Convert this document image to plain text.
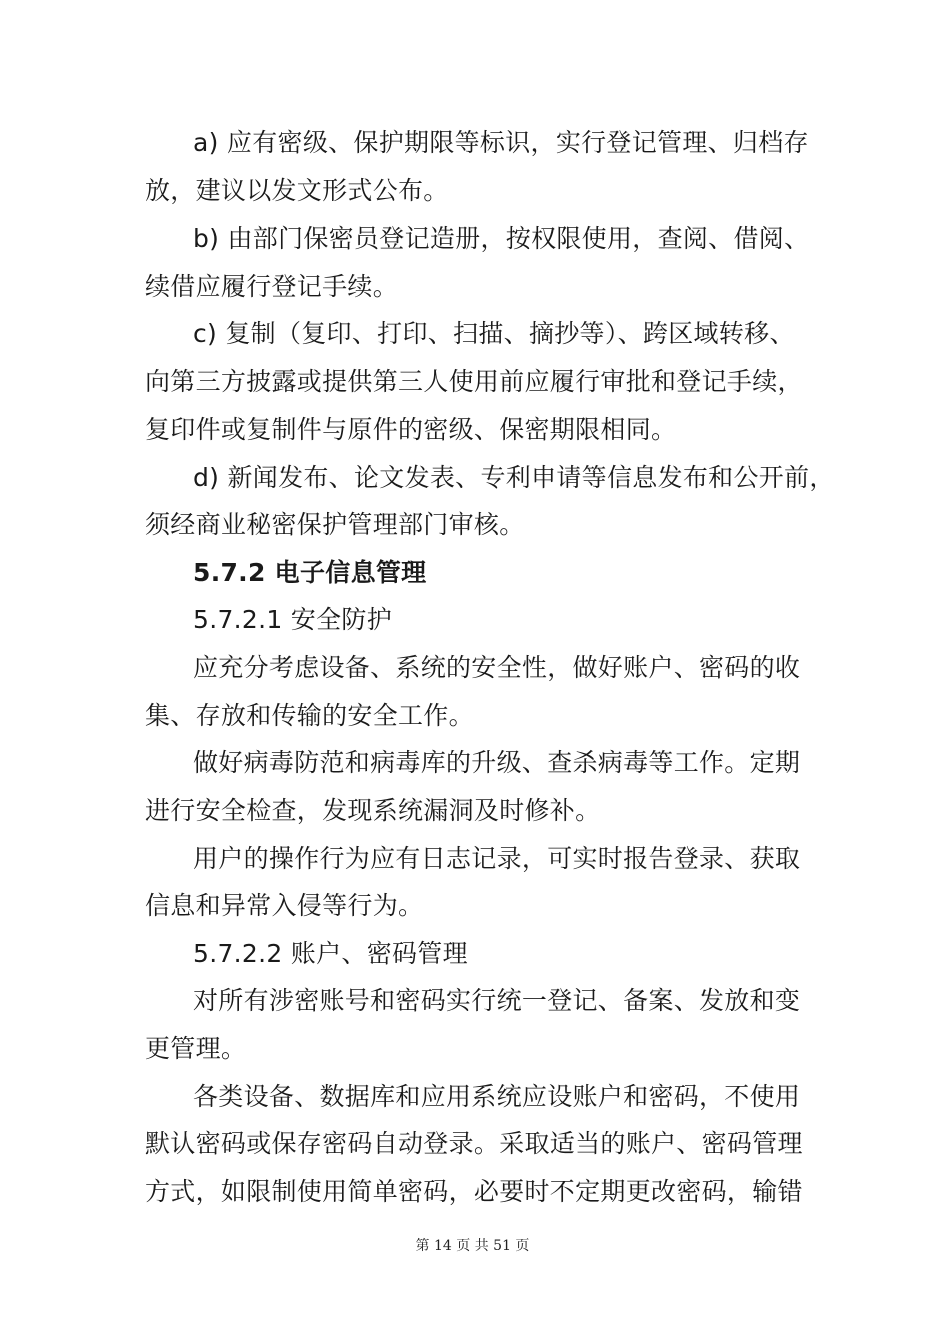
a) 应有密级、保护期限等标识，实行登记管理、归档存
放，建议以发文形式公布。
b) 由部门保密员登记造册，按权限使用，查阅、借阅、
续借应履行登记手续。
c) 复制（复印、打印、扫描、摘抄等）、跨区域转移、
向第三方披露或提供第三人使用前应履行审批和登记手续，
复印件或复制件与原件的密级、保密期限相同。
d) 新闻发布、论文发表、专利申请等信息发布和公开前，
须经商业秘密保护管理部门审核。
5.7.2 电子信息管理
5.7.2.1 安全防护
应充分考虑设备、系统的安全性，做好账户、密码的收
集、存放和传输的安全工作。
做好病毒防范和病毒库的升级、查杀病毒等工作。定期
进行安全检查，发现系统漏洞及时修补。
用户的操作行为应有日志记录，可实时报告登录、获取
信息和异常入侵等行为。
5.7.2.2 账户、密码管理
对所有涉密账号和密码实行统一登记、备案、发放和变
更管理。
各类设备、数据库和应用系统应设账户和密码，不使用
默认密码或保存密码自动登录。采取适当的账户、密码管理
方式，如限制使用简单密码，必要时不定期更改密码，输错
第 14 页 共 51 页
